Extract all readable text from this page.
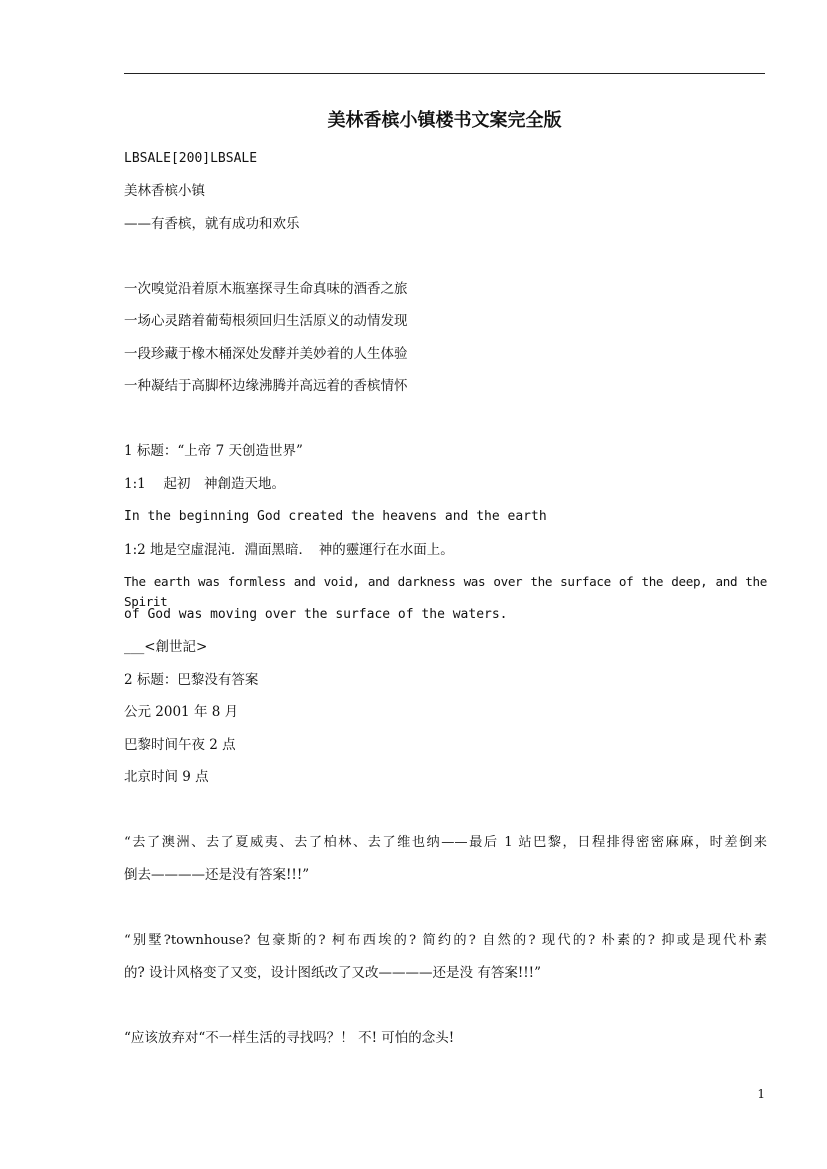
美林香槟小镇楼书文案完全版

LBSALE[200]LBSALE

美林香槟小镇

——有香槟，就有成功和欢乐

一次嗅觉沿着原木瓶塞探寻生命真味的酒香之旅

一场心灵踏着葡萄根须回归生活原义的动情发现

一段珍藏于橡木桶深处发酵并美妙着的人生体验

一种凝结于高脚杯边缘沸腾并高远着的香槟情怀

1 标题：“上帝 7 天创造世界”

1:1　 起初　神創造天地。

In the beginning God created the heavens and the earth

1:2 地是空虛混沌．淵面黑暗．　神的靈運行在水面上。

The earth was formless and void, and darkness was over the surface of the deep, and the Spirit

of God was moving over the surface of the waters.

___<創世記>

2 标题：巴黎没有答案

公元 2001 年 8 月

巴黎时间午夜 2 点

北京时间 9 点

“去了澳洲、去了夏威夷、去了柏林、去了维也纳——最后 1 站巴黎，日程排得密密麻麻，时差倒来

倒去————还是没有答案!!!”

“别墅?townhouse? 包豪斯的? 柯布西埃的? 简约的? 自然的? 现代的? 朴素的? 抑或是现代朴素

的? 设计风格变了又变，设计图纸改了又改————还是没 有答案!!!”

“应该放弃对“不一样生活的寻找吗？！ 不! 可怕的念头!

1
